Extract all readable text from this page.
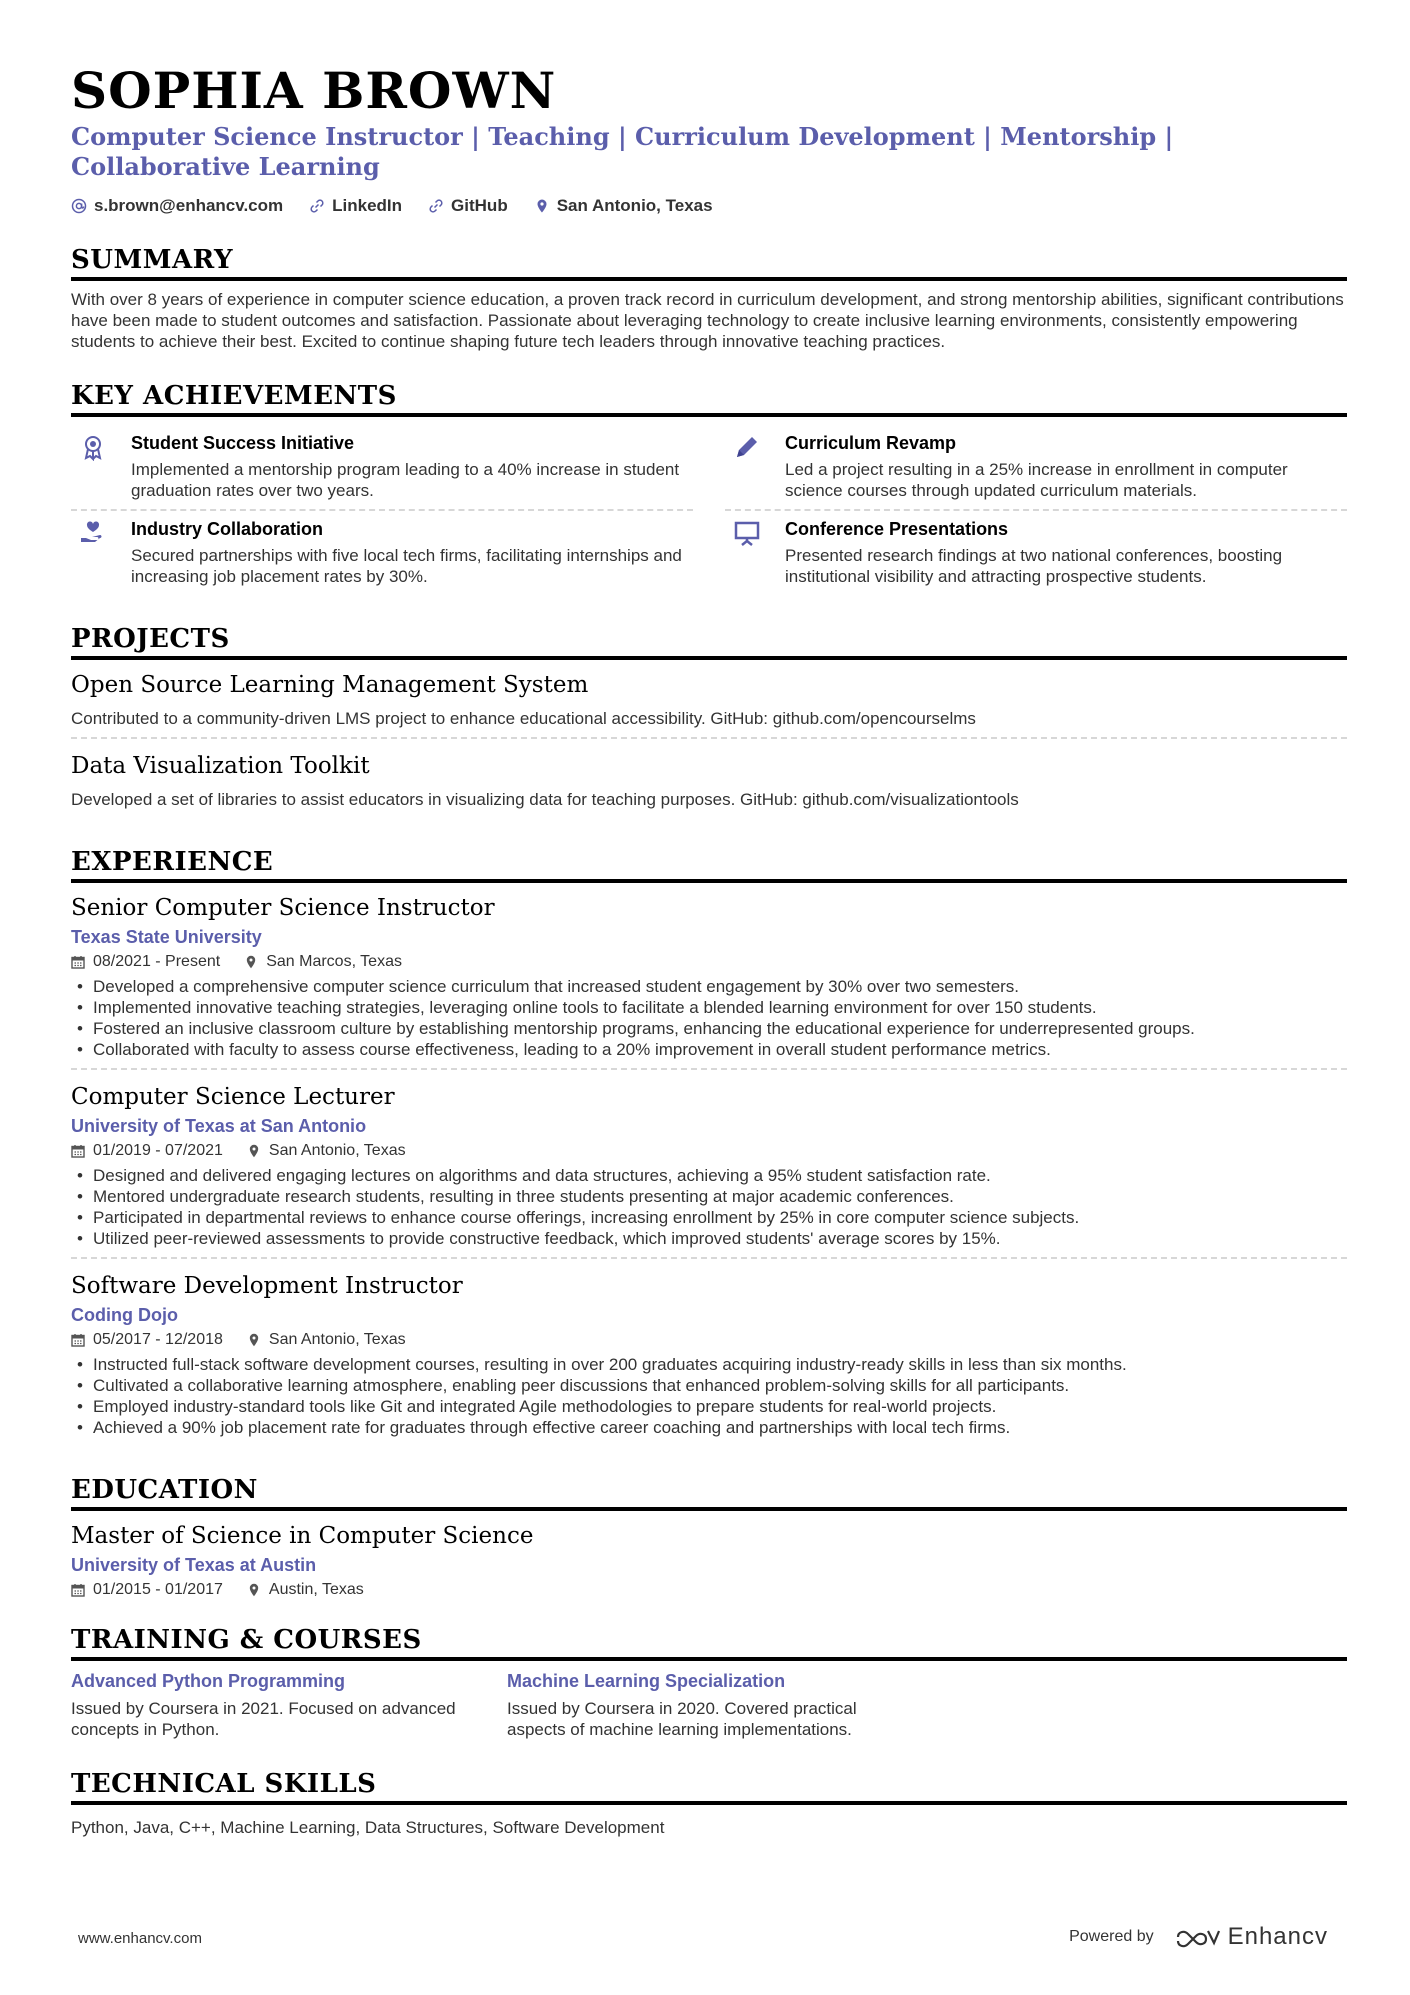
SOPHIA BROWN
Computer Science Instructor | Teaching | Curriculum Development | Mentorship | Collaborative Learning
s.brown@enhancv.com	LinkedIn	GitHub	San Antonio, Texas
SUMMARY
With over 8 years of experience in computer science education, a proven track record in curriculum development, and strong mentorship abilities, significant contributions have been made to student outcomes and satisfaction. Passionate about leveraging technology to create inclusive learning environments, consistently empowering students to achieve their best. Excited to continue shaping future tech leaders through innovative teaching practices.
KEY ACHIEVEMENTS
Student Success Initiative
Implemented a mentorship program leading to a 40% increase in student graduation rates over two years.
Curriculum Revamp
Led a project resulting in a 25% increase in enrollment in computer science courses through updated curriculum materials.
Industry Collaboration
Secured partnerships with five local tech firms, facilitating internships and increasing job placement rates by 30%.
Conference Presentations
Presented research findings at two national conferences, boosting institutional visibility and attracting prospective students.
PROJECTS
Open Source Learning Management System
Contributed to a community-driven LMS project to enhance educational accessibility. GitHub: github.com/opencourselms
Data Visualization Toolkit
Developed a set of libraries to assist educators in visualizing data for teaching purposes. GitHub: github.com/visualizationtools
EXPERIENCE
Senior Computer Science Instructor
Texas State University
08/2021 - Present	San Marcos, Texas
• Developed a comprehensive computer science curriculum that increased student engagement by 30% over two semesters.
• Implemented innovative teaching strategies, leveraging online tools to facilitate a blended learning environment for over 150 students.
• Fostered an inclusive classroom culture by establishing mentorship programs, enhancing the educational experience for underrepresented groups.
• Collaborated with faculty to assess course effectiveness, leading to a 20% improvement in overall student performance metrics.
Computer Science Lecturer
University of Texas at San Antonio
01/2019 - 07/2021	San Antonio, Texas
• Designed and delivered engaging lectures on algorithms and data structures, achieving a 95% student satisfaction rate.
• Mentored undergraduate research students, resulting in three students presenting at major academic conferences.
• Participated in departmental reviews to enhance course offerings, increasing enrollment by 25% in core computer science subjects.
• Utilized peer-reviewed assessments to provide constructive feedback, which improved students' average scores by 15%.
Software Development Instructor
Coding Dojo
05/2017 - 12/2018	San Antonio, Texas
• Instructed full-stack software development courses, resulting in over 200 graduates acquiring industry-ready skills in less than six months.
• Cultivated a collaborative learning atmosphere, enabling peer discussions that enhanced problem-solving skills for all participants.
• Employed industry-standard tools like Git and integrated Agile methodologies to prepare students for real-world projects.
• Achieved a 90% job placement rate for graduates through effective career coaching and partnerships with local tech firms.
EDUCATION
Master of Science in Computer Science
University of Texas at Austin
01/2015 - 01/2017	Austin, Texas
TRAINING & COURSES
Advanced Python Programming
Issued by Coursera in 2021. Focused on advanced concepts in Python.
Machine Learning Specialization
Issued by Coursera in 2020. Covered practical aspects of machine learning implementations.
TECHNICAL SKILLS
Python, Java, C++, Machine Learning, Data Structures, Software Development
www.enhancv.com	Powered by	Enhancv
